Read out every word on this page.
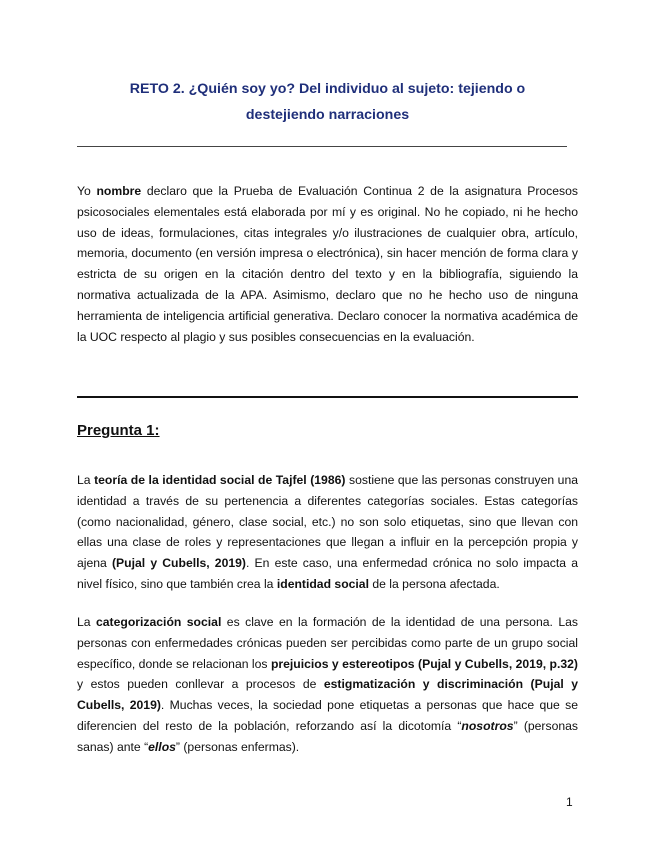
RETO 2. ¿Quién soy yo? Del individuo al sujeto: tejiendo o
destejiendo narraciones

Yo nombre declaro que la Prueba de Evaluación Continua 2 de la asignatura Procesos psicosociales elementales está elaborada por mí y es original. No he copiado, ni he hecho uso de ideas, formulaciones, citas integrales y/o ilustraciones de cualquier obra, artículo, memoria, documento (en versión impresa o electrónica), sin hacer mención de forma clara y estricta de su origen en la citación dentro del texto y en la bibliografía, siguiendo la normativa actualizada de la APA. Asimismo, declaro que no he hecho uso de ninguna herramienta de inteligencia artificial generativa. Declaro conocer la normativa académica de la UOC respecto al plagio y sus posibles consecuencias en la evaluación.

Pregunta 1:

La teoría de la identidad social de Tajfel (1986) sostiene que las personas construyen una identidad a través de su pertenencia a diferentes categorías sociales. Estas categorías (como nacionalidad, género, clase social, etc.) no son solo etiquetas, sino que llevan con ellas una clase de roles y representaciones que llegan a influir en la percepción propia y ajena (Pujal y Cubells, 2019). En este caso, una enfermedad crónica no solo impacta a nivel físico, sino que también crea la identidad social de la persona afectada.

La categorización social es clave en la formación de la identidad de una persona. Las personas con enfermedades crónicas pueden ser percibidas como parte de un grupo social específico, donde se relacionan los prejuicios y estereotipos (Pujal y Cubells, 2019, p.32) y estos pueden conllevar a procesos de estigmatización y discriminación (Pujal y Cubells, 2019). Muchas veces, la sociedad pone etiquetas a personas que hace que se diferencien del resto de la población, reforzando así la dicotomía “nosotros” (personas sanas) ante “ellos” (personas enfermas).

1
